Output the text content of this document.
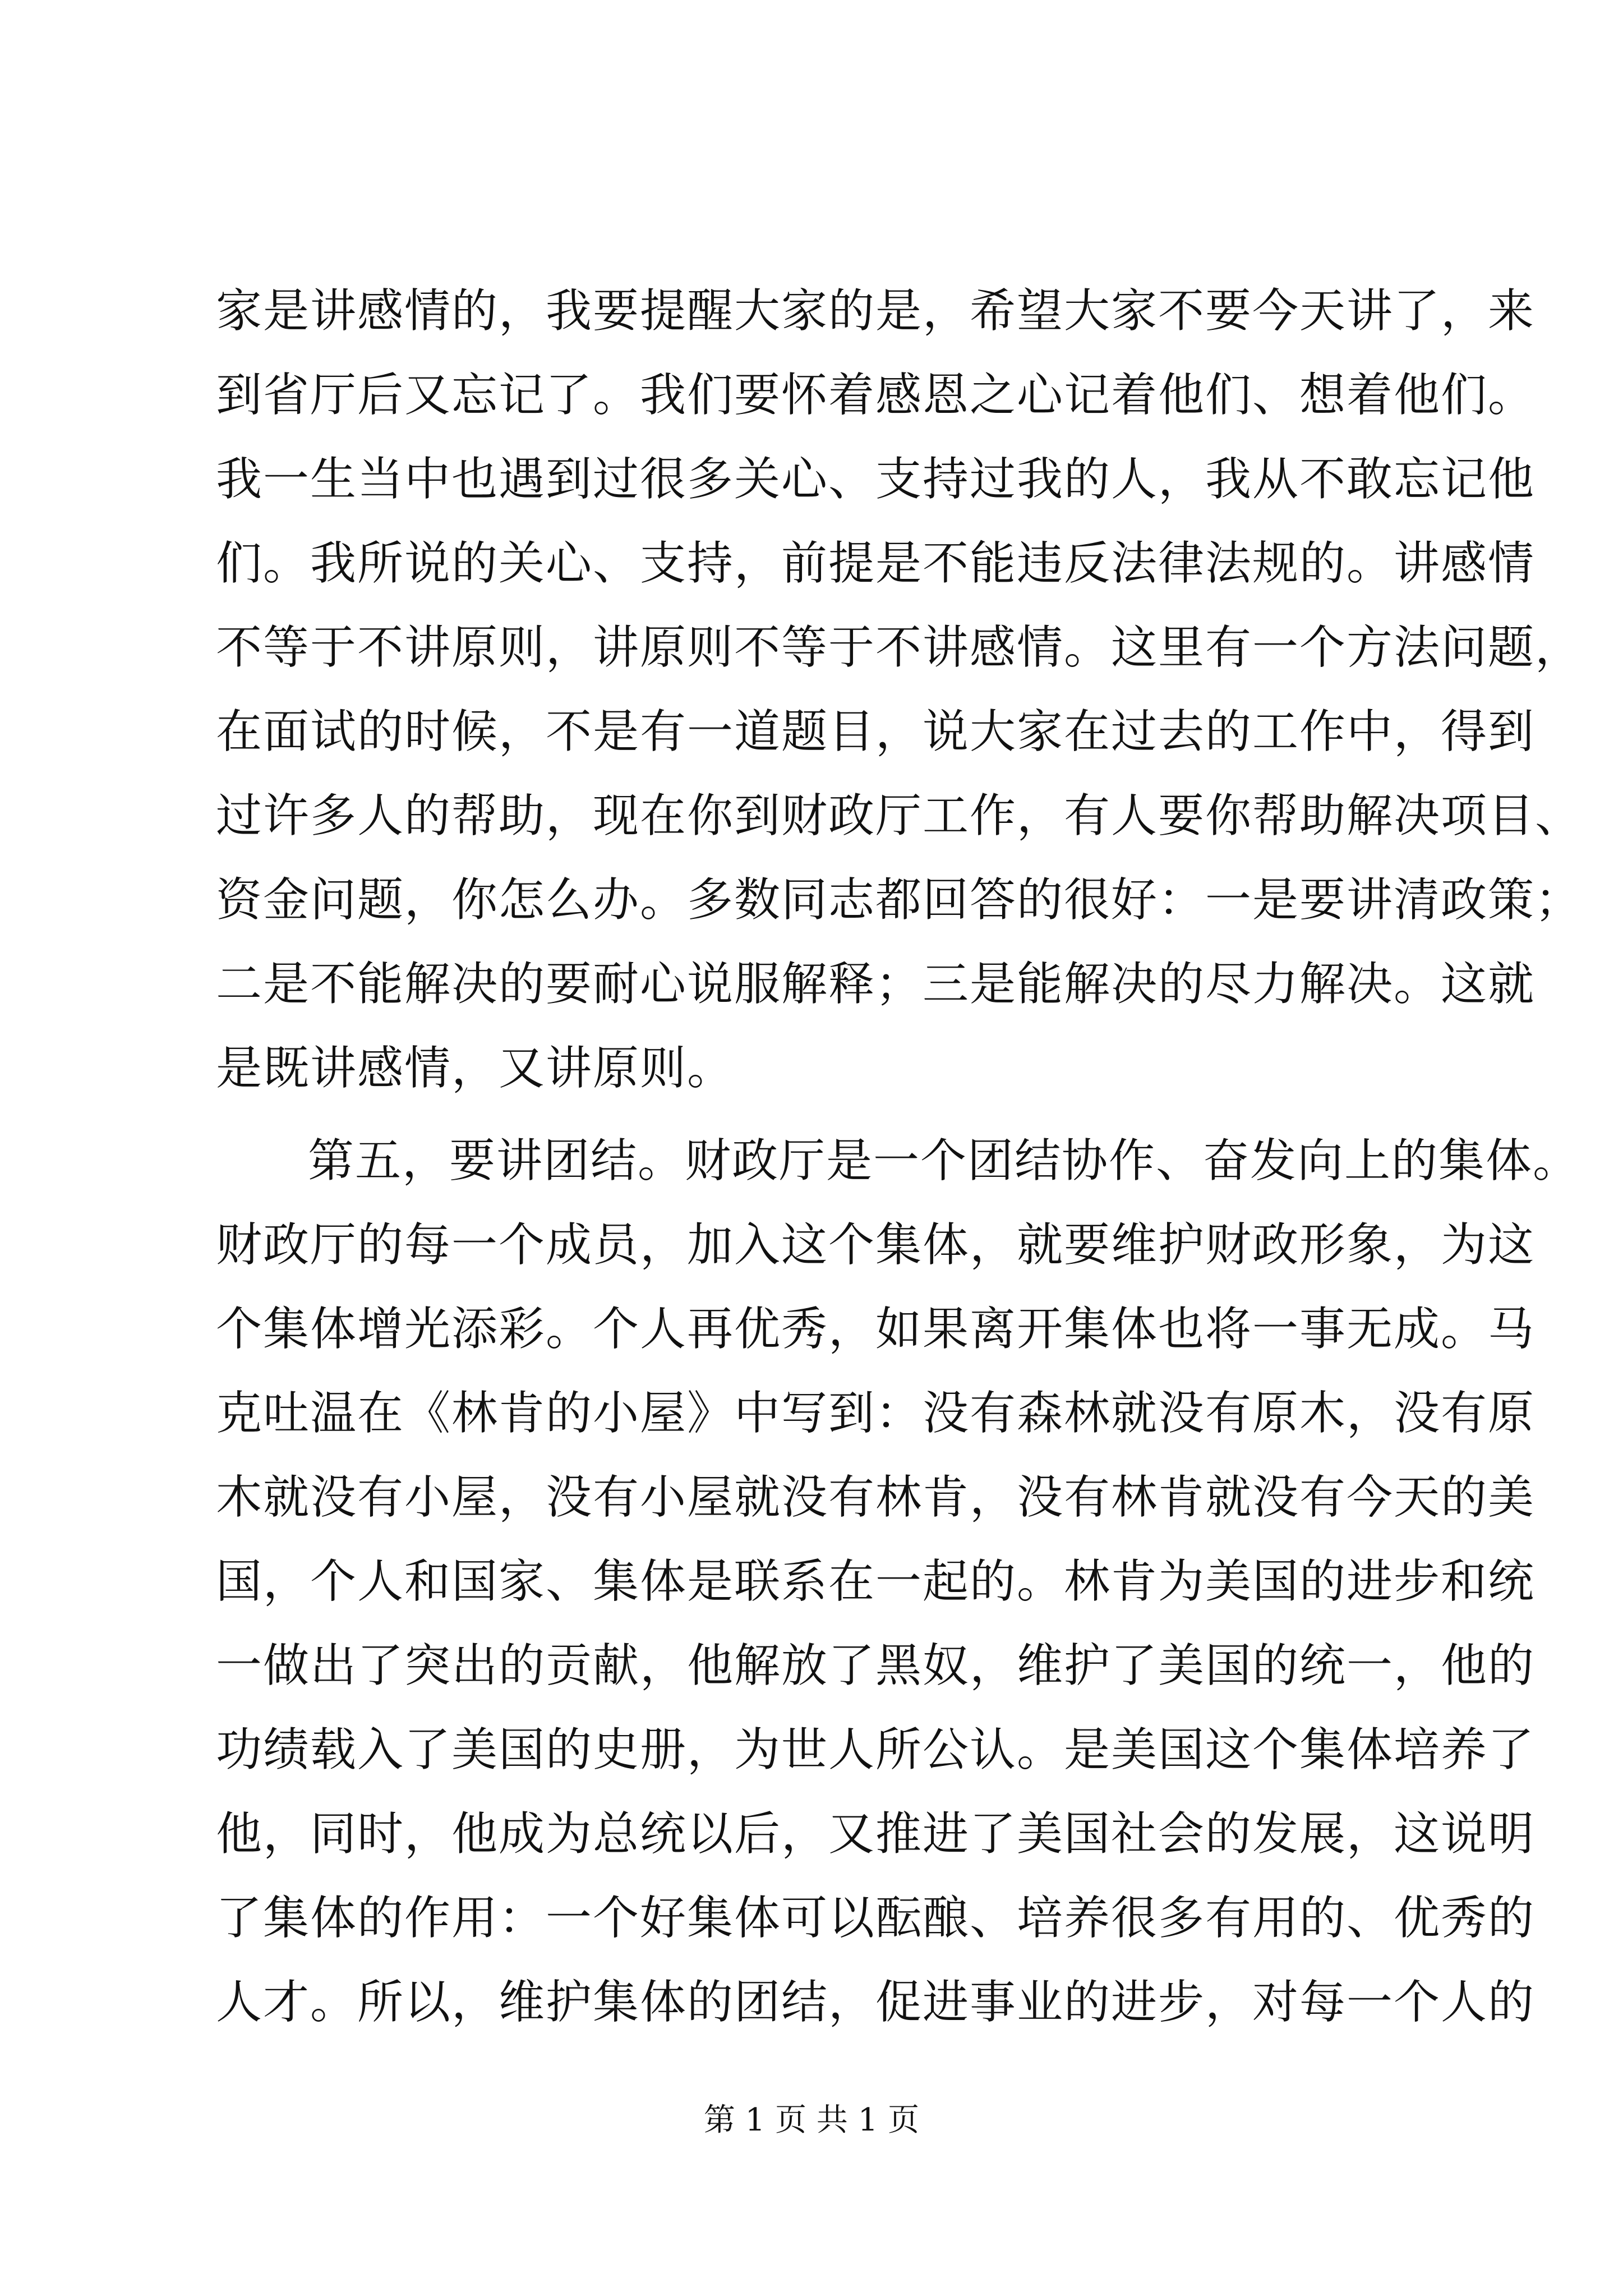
家是讲感情的，我要提醒大家的是，希望大家不要今天讲了，来
到省厅后又忘记了。我们要怀着感恩之心记着他们、想着他们。
我一生当中也遇到过很多关心、支持过我的人，我从不敢忘记他
们。我所说的关心、支持，前提是不能违反法律法规的。讲感情
不等于不讲原则，讲原则不等于不讲感情。这里有一个方法问题，
在面试的时候，不是有一道题目，说大家在过去的工作中，得到
过许多人的帮助，现在你到财政厅工作，有人要你帮助解决项目、
资金问题，你怎么办。多数同志都回答的很好：一是要讲清政策；
二是不能解决的要耐心说服解释；三是能解决的尽力解决。这就
是既讲感情，又讲原则。
第五，要讲团结。财政厅是一个团结协作、奋发向上的集体。
财政厅的每一个成员，加入这个集体，就要维护财政形象，为这
个集体增光添彩。个人再优秀，如果离开集体也将一事无成。马
克吐温在《林肯的小屋》中写到：没有森林就没有原木，没有原
木就没有小屋，没有小屋就没有林肯，没有林肯就没有今天的美
国，个人和国家、集体是联系在一起的。林肯为美国的进步和统
一做出了突出的贡献，他解放了黑奴，维护了美国的统一，他的
功绩载入了美国的史册，为世人所公认。是美国这个集体培养了
他，同时，他成为总统以后，又推进了美国社会的发展，这说明
了集体的作用：一个好集体可以酝酿、培养很多有用的、优秀的
人才。所以，维护集体的团结，促进事业的进步，对每一个人的
第 1 页 共 1 页
